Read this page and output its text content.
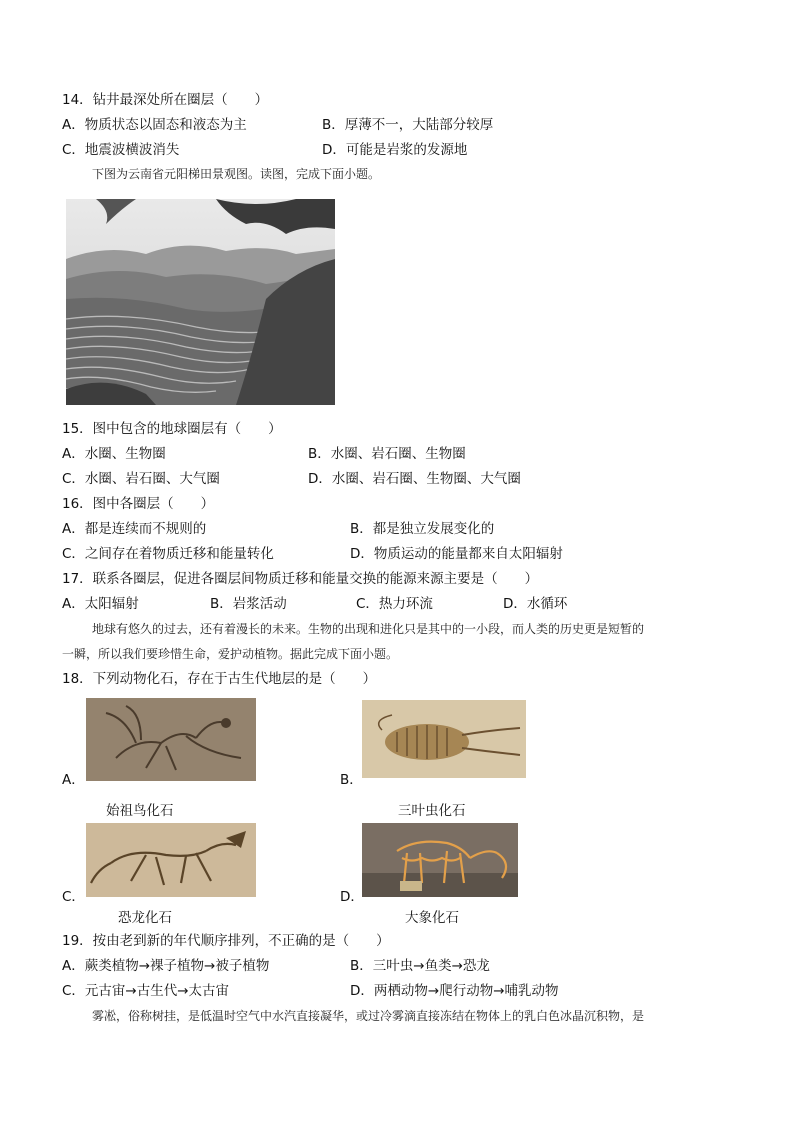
14．钻井最深处所在圈层（　　）
A．物质状态以固态和液态为主	B．厚薄不一，大陆部分较厚
C．地震波横波消失	D．可能是岩浆的发源地
下图为云南省元阳梯田景观图。读图，完成下面小题。
15．图中包含的地球圈层有（　　）
A．水圈、生物圈	B．水圈、岩石圈、生物圈
C．水圈、岩石圈、大气圈	D．水圈、岩石圈、生物圈、大气圈
16．图中各圈层（　　）
A．都是连续而不规则的	B．都是独立发展变化的
C．之间存在着物质迁移和能量转化	D．物质运动的能量都来自太阳辐射
17．联系各圈层，促进各圈层间物质迁移和能量交换的能源来源主要是（　　）
A．太阳辐射	B．岩浆活动	C．热力环流	D．水循环
地球有悠久的过去，还有着漫长的未来。生物的出现和进化只是其中的一小段，而人类的历史更是短暂的
一瞬，所以我们要珍惜生命，爱护动植物。据此完成下面小题。
18．下列动物化石，存在于古生代地层的是（　　）
A．
始祖鸟化石
B．
三叶虫化石
C．
恐龙化石
D．
大象化石
19．按由老到新的年代顺序排列，不正确的是（　　）
A．蕨类植物→裸子植物→被子植物	B．三叶虫→鱼类→恐龙
C．元古宙→古生代→太古宙	D．两栖动物→爬行动物→哺乳动物
雾凇，俗称树挂，是低温时空气中水汽直接凝华，或过冷雾滴直接冻结在物体上的乳白色冰晶沉积物，是
